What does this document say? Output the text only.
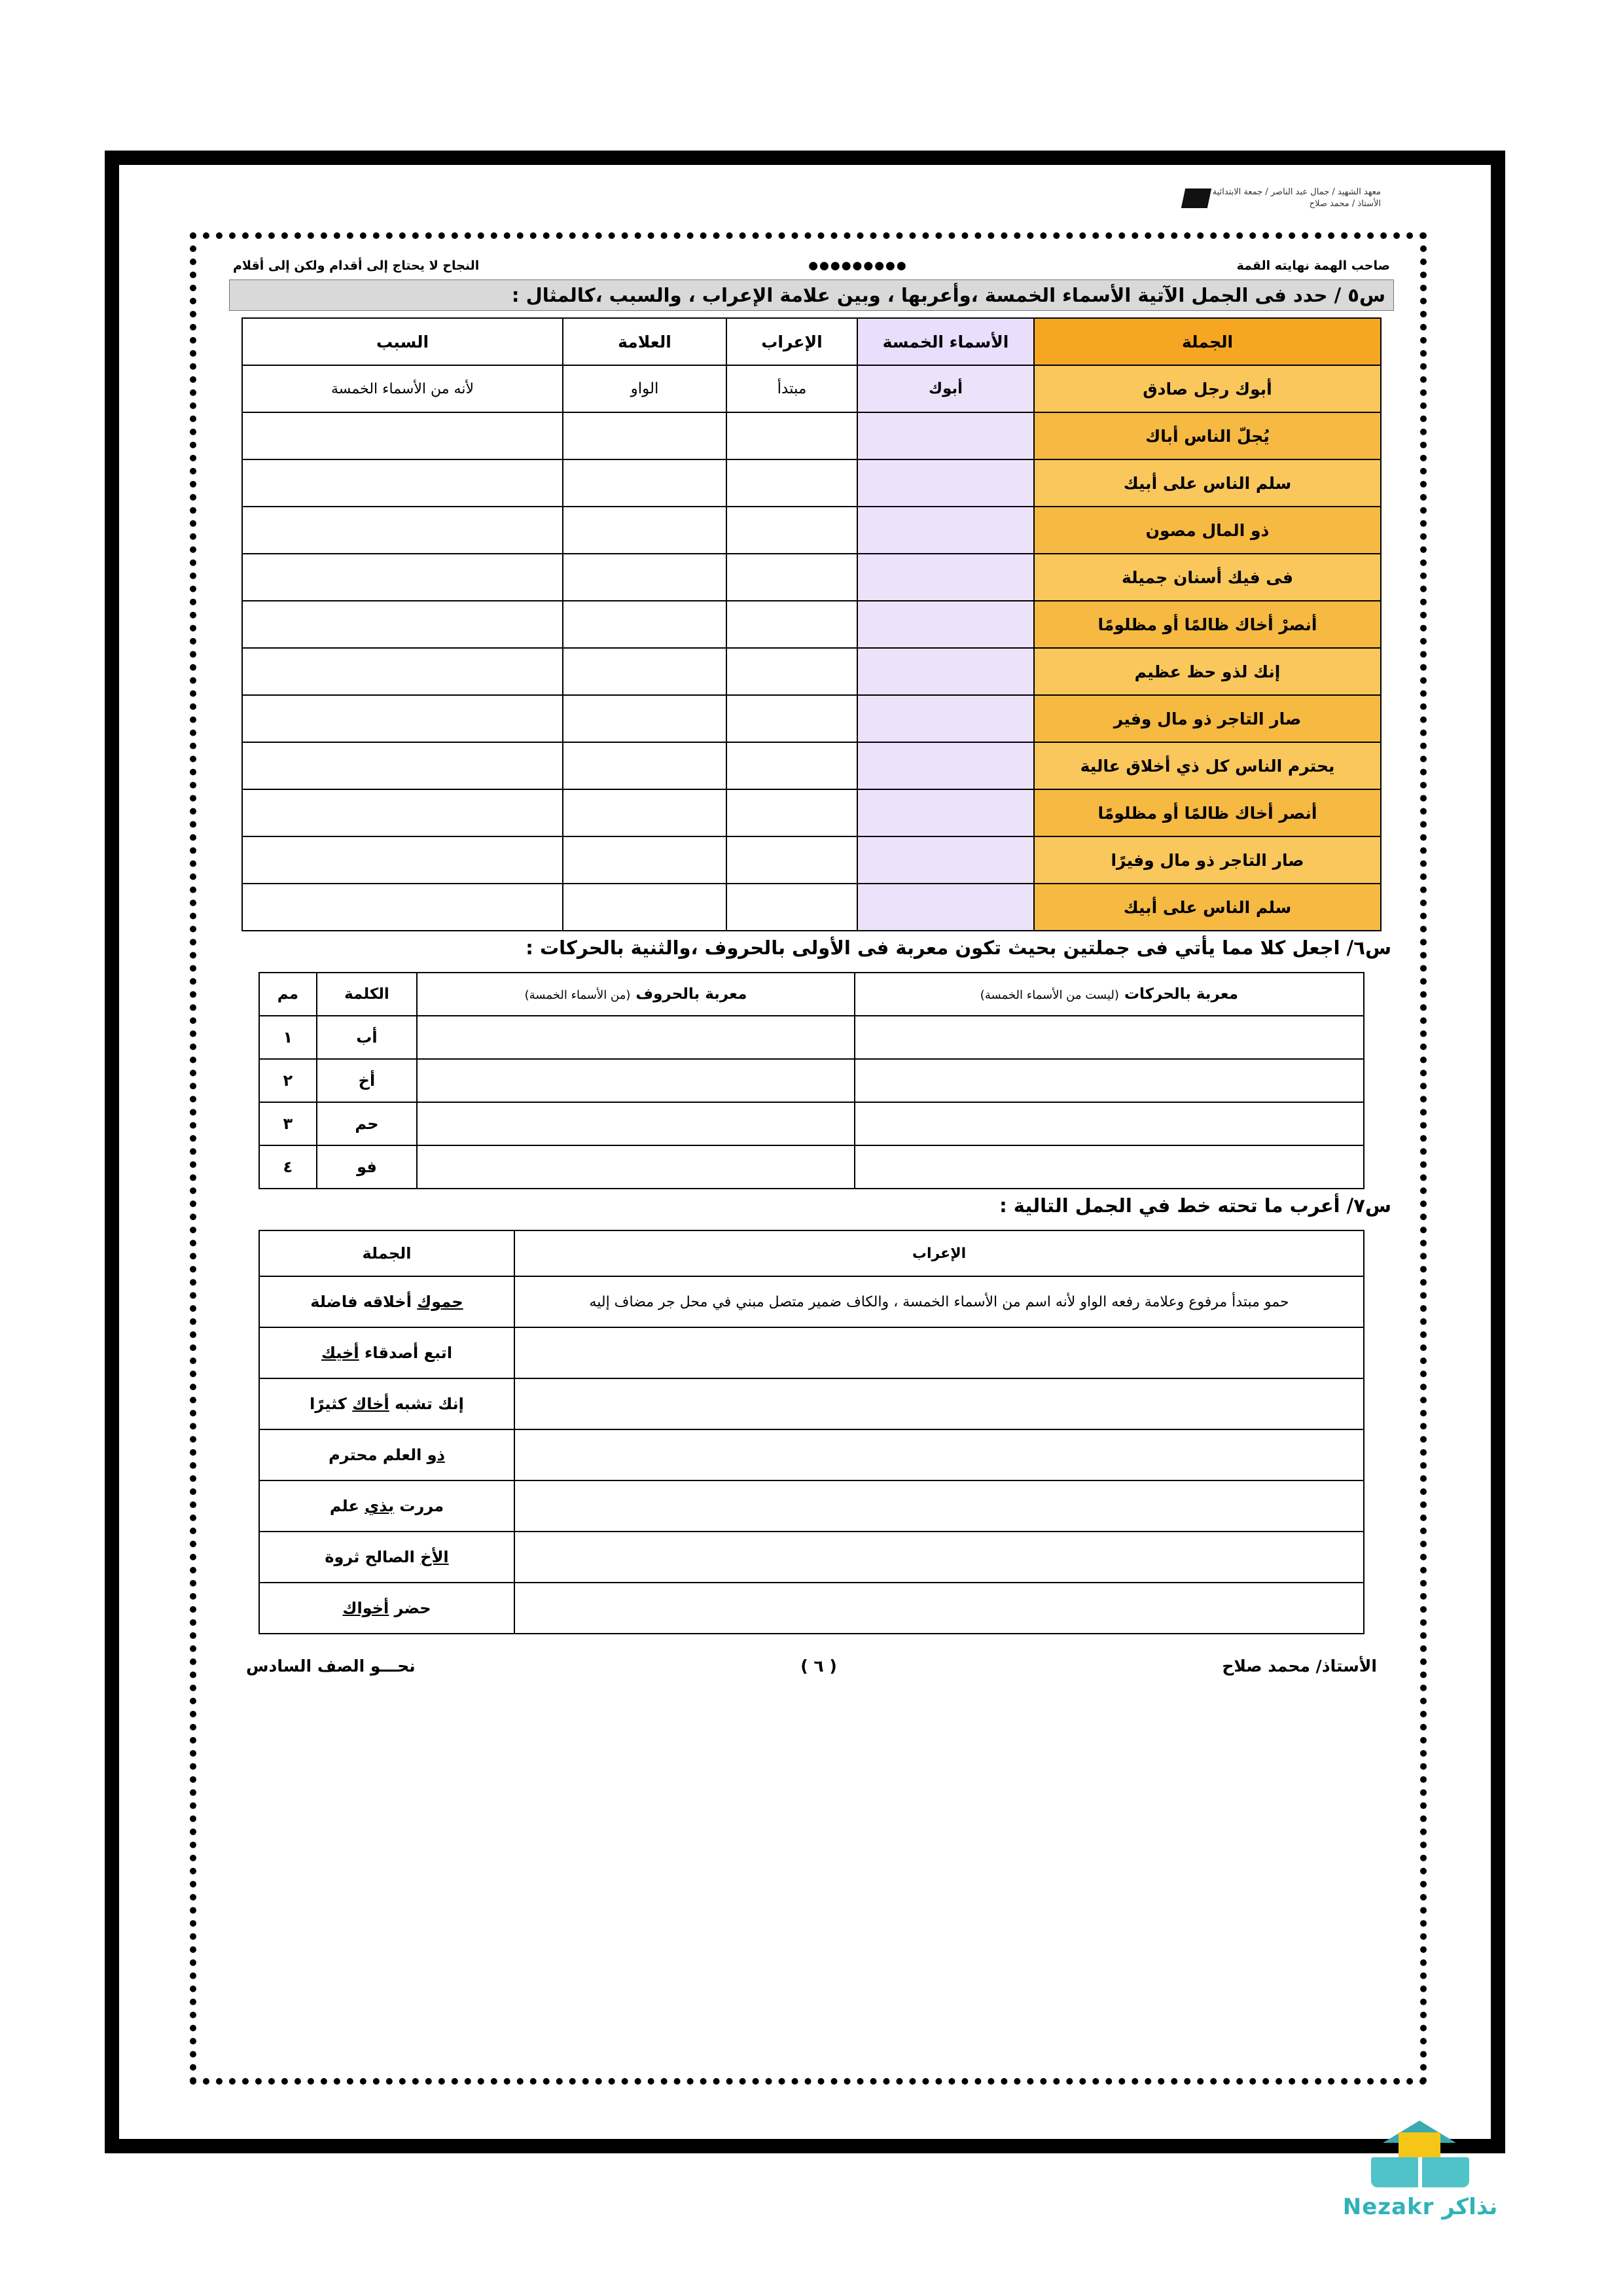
معهد الشهيد / جمال عبد الناصر / جمعة الابتدائية
الأستاذ / محمد صلاح
النجاح لا يحتاج إلى أقدام ولكن إلى أقلام	●●●●●●●●●	صاحب الهمة نهايته القمة
س٥ / حدد فى الجمل الآتية الأسماء الخمسة ،وأعربها ، وبين علامة الإعراب ، والسبب ،كالمثال :
الجملة	الأسماء الخمسة	الإعراب	العلامة	السبب
أبوك رجل صادق	أبوك	مبتدأ	الواو	لأنه من الأسماء الخمسة
يُجلّ الناس أباك				
سلم الناس على أبيك				
ذو المال مصون				
فى فيك أسنان جميلة				
أنصرْ أخاك ظالمًا أو مظلومًا				
إنك لذو حظ عظيم				
صار التاجر ذو مال وفير				
يحترم الناس كل ذي أخلاق عالية				
أنصر أخاك ظالمًا أو مظلومًا				
صار التاجر ذو مال وفيرًا				
سلم الناس على أبيك				
س٦/ اجعل كلا مما يأتي فى جملتين بحيث تكون معربة فى الأولى بالحروف ،والثنية بالحركات :
معربة بالحركات (ليست من الأسماء الخمسة)	معربة بالحروف (من الأسماء الخمسة)	الكلمة	مم
		أب	١
		أخ	٢
		حم	٣
		فو	٤
س٧/ أعرب ما تحته خط في الجمل التالية :
الإعراب	الجملة
حمو مبتدأ مرفوع وعلامة رفعه الواو لأنه اسم من الأسماء الخمسة ، والكاف ضمير متصل مبني في محل جر مضاف إليه	حموك أخلاقه فاضلة
	اتبع أصدقاء أخيك
	إنك تشبه أخاك كثيرًا
	ذو العلم محترم
	مررت بذي علم
	الأخ الصالح ثروة
	حضر أخواك
نحـــو الصف السادس	( ٦ )	الأستاذ/ محمد صلاح
نذاكر Nezakr
